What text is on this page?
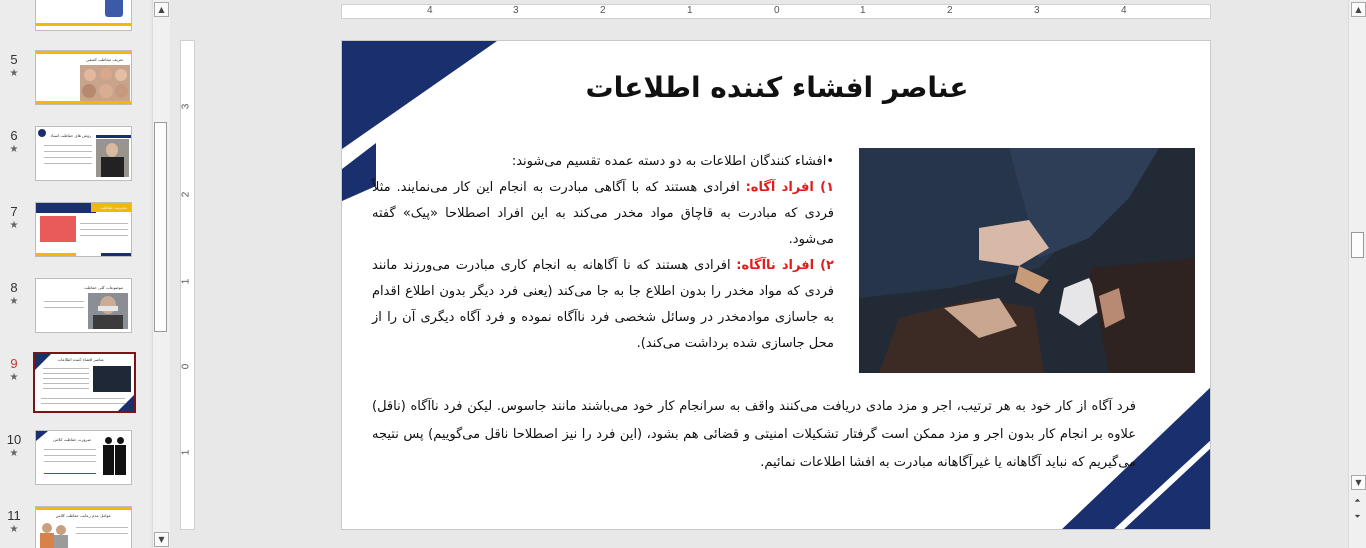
5
★
تعريف مخاطب كشفي
6
★
روش های حفاظت اسناد
7
★
مدیریت حفاظت
8
★
موضوعات کلی حفاظت
9
★
عناصر افشاء کننده اطلاعات
10
★
ضرورت حفاظت کلاس
11
★
عوامل عدم رعایت حفاظت کلاس
▲
▼
4	3	2	1	0	1	2	3	4
3
2
1
0
1
عناصر افشاء کننده اطلاعات
•افشاء کنندگان اطلاعات به دو دسته عمده تقسیم می‌شوند:
۱) افراد آگاه: افرادی هستند که با آگاهی مبادرت به انجام این کار می‌نمایند. مثلاً فردی که مبادرت به قاچاق مواد مخدر می‌کند به این افراد اصطلاحا «پیک» گفته می‌شود.
۲) افراد ناآگاه: افرادی هستند که نا آگاهانه به انجام کاری مبادرت می‌ورزند مانند فردی که مواد مخدر را بدون اطلاع جا به جا می‌کند (یعنی فرد دیگر بدون اطلاع اقدام به جاسازی موادمخدر در وسائل شخصی فرد ناآگاه نموده و فرد آگاه دیگری آن را از محل جاسازی شده برداشت می‌کند).
فرد آگاه از کار خود به هر ترتیب، اجر و مزد مادی دریافت می‌کنند واقف به سرانجام کار خود می‌باشند مانند جاسوس. لیکن فرد ناآگاه (ناقل) علاوه بر انجام کار بدون اجر و مزد ممکن است گرفتار تشکیلات امنیتی و قضائی هم بشود، (این فرد را نیز اصطلاحا ناقل می‌گوییم) پس نتیجه می‌گیریم که نباید آگاهانه یا غیرآگاهانه مبادرت به افشا اطلاعات نمائیم.
▲
▼
⏶
⏷
